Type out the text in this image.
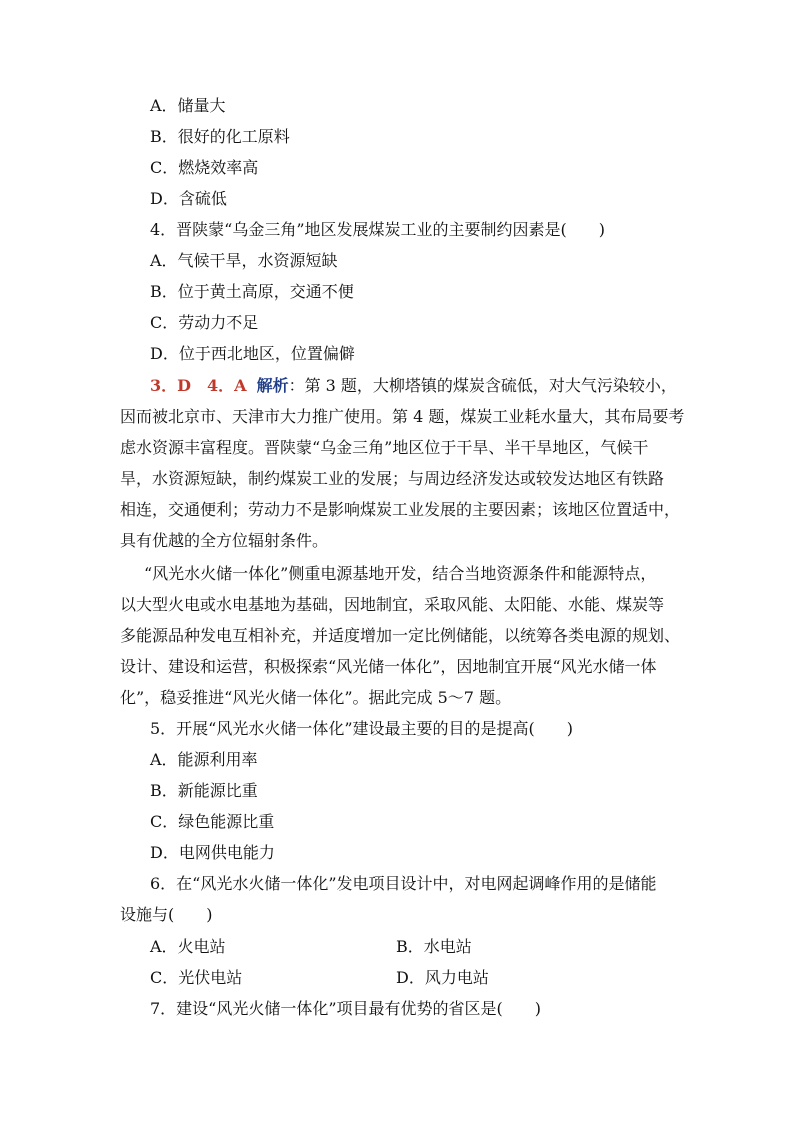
A．储量大
B．很好的化工原料
C．燃烧效率高
D．含硫低
4．晋陕蒙“乌金三角”地区发展煤炭工业的主要制约因素是(　　)
A．气候干旱，水资源短缺
B．位于黄土高原，交通不便
C．劳动力不足
D．位于西北地区，位置偏僻
3．D　4．A 解析：第 3 题，大柳塔镇的煤炭含硫低，对大气污染较小，
因而被北京市、天津市大力推广使用。第 4 题，煤炭工业耗水量大，其布局要考
虑水资源丰富程度。晋陕蒙“乌金三角”地区位于干旱、半干旱地区，气候干
旱，水资源短缺，制约煤炭工业的发展；与周边经济发达或较发达地区有铁路
相连，交通便利；劳动力不是影响煤炭工业发展的主要因素；该地区位置适中，
具有优越的全方位辐射条件。
“风光水火储一体化”侧重电源基地开发，结合当地资源条件和能源特点，
以大型火电或水电基地为基础，因地制宜，采取风能、太阳能、水能、煤炭等
多能源品种发电互相补充，并适度增加一定比例储能，以统筹各类电源的规划、
设计、建设和运营，积极探索“风光储一体化”，因地制宜开展“风光水储一体
化”，稳妥推进“风光火储一体化”。据此完成 5～7 题。
5．开展“风光水火储一体化”建设最主要的目的是提高(　　)
A．能源利用率
B．新能源比重
C．绿色能源比重
D．电网供电能力
6．在“风光水火储一体化”发电项目设计中，对电网起调峰作用的是储能
设施与(　　)
A．火电站	B．水电站
C．光伏电站	D．风力电站
7．建设“风光火储一体化”项目最有优势的省区是(　　)
